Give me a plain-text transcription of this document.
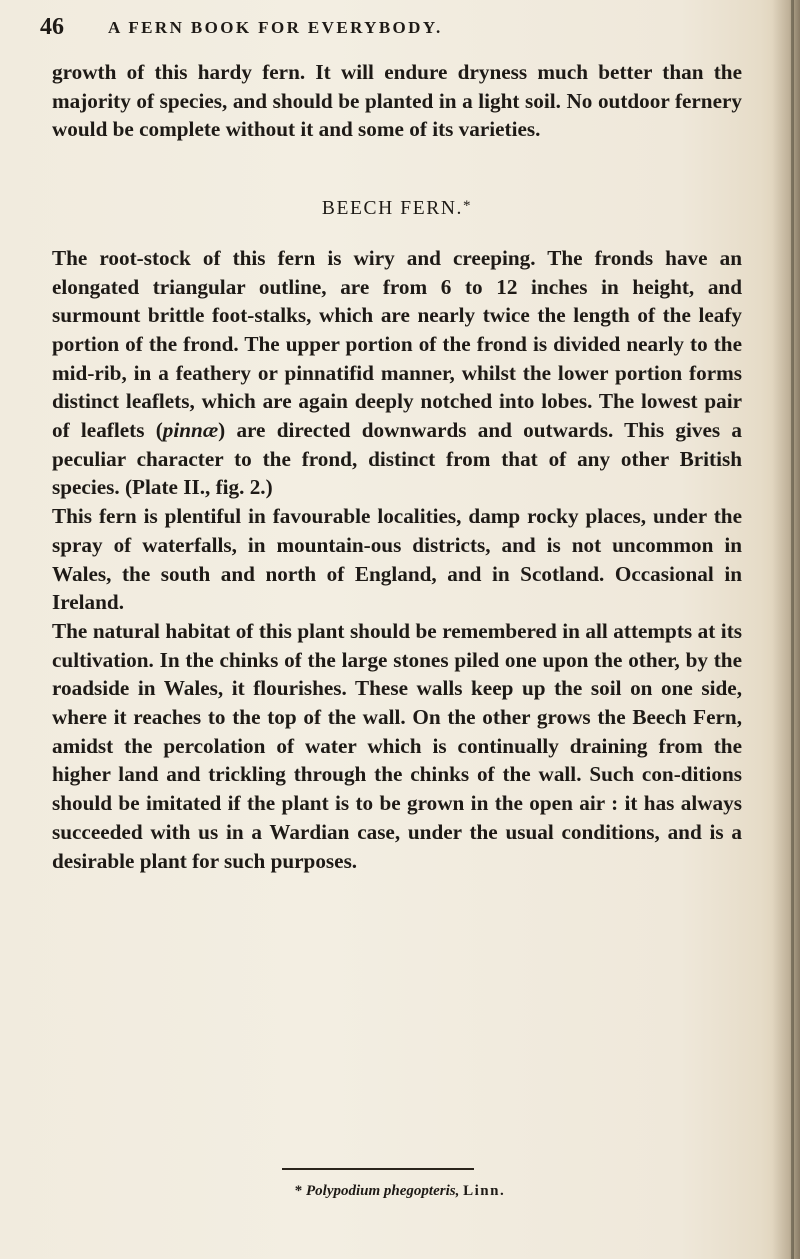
46	A FERN BOOK FOR EVERYBODY.

growth of this hardy fern. It will endure dryness much better than the majority of species, and should be planted in a light soil. No outdoor fernery would be complete without it and some of its varieties.

BEECH FERN.*

The root-stock of this fern is wiry and creeping. The fronds have an elongated triangular outline, are from 6 to 12 inches in height, and surmount brittle foot-stalks, which are nearly twice the length of the leafy portion of the frond. The upper portion of the frond is divided nearly to the mid-rib, in a feathery or pinnatifid manner, whilst the lower portion forms distinct leaflets, which are again deeply notched into lobes. The lowest pair of leaflets (pinnæ) are directed downwards and outwards. This gives a peculiar character to the frond, distinct from that of any other British species. (Plate II., fig. 2.)

This fern is plentiful in favourable localities, damp rocky places, under the spray of waterfalls, in mountain-ous districts, and is not uncommon in Wales, the south and north of England, and in Scotland. Occasional in Ireland.

The natural habitat of this plant should be remembered in all attempts at its cultivation. In the chinks of the large stones piled one upon the other, by the roadside in Wales, it flourishes. These walls keep up the soil on one side, where it reaches to the top of the wall. On the other grows the Beech Fern, amidst the percolation of water which is continually draining from the higher land and trickling through the chinks of the wall. Such con-ditions should be imitated if the plant is to be grown in the open air : it has always succeeded with us in a Wardian case, under the usual conditions, and is a desirable plant for such purposes.

* Polypodium phegopteris, Linn.
